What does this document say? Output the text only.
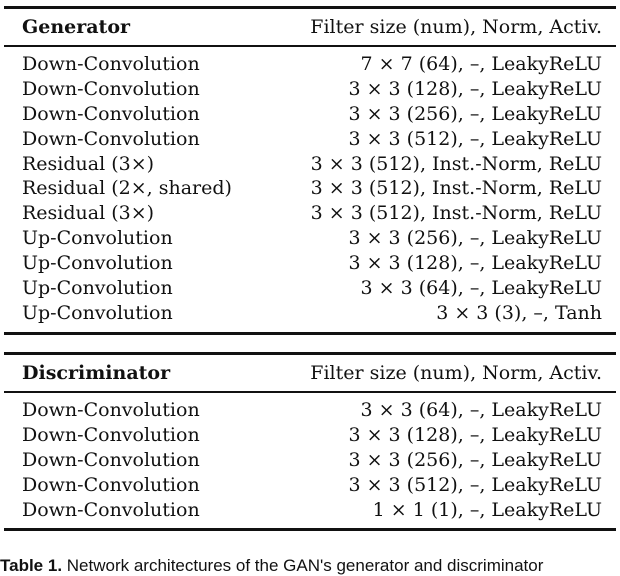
Generator	Filter size (num), Norm, Activ.
Down-Convolution	7 × 7 (64), –, LeakyReLU
Down-Convolution	3 × 3 (128), –, LeakyReLU
Down-Convolution	3 × 3 (256), –, LeakyReLU
Down-Convolution	3 × 3 (512), –, LeakyReLU
Residual (3×)	3 × 3 (512), Inst.-Norm, ReLU
Residual (2×, shared)	3 × 3 (512), Inst.-Norm, ReLU
Residual (3×)	3 × 3 (512), Inst.-Norm, ReLU
Up-Convolution	3 × 3 (256), –, LeakyReLU
Up-Convolution	3 × 3 (128), –, LeakyReLU
Up-Convolution	3 × 3 (64), –, LeakyReLU
Up-Convolution	3 × 3 (3), –, Tanh
Discriminator	Filter size (num), Norm, Activ.
Down-Convolution	3 × 3 (64), –, LeakyReLU
Down-Convolution	3 × 3 (128), –, LeakyReLU
Down-Convolution	3 × 3 (256), –, LeakyReLU
Down-Convolution	3 × 3 (512), –, LeakyReLU
Down-Convolution	1 × 1 (1), –, LeakyReLU
Table 1. Network architectures of the GAN's generator and discriminator
